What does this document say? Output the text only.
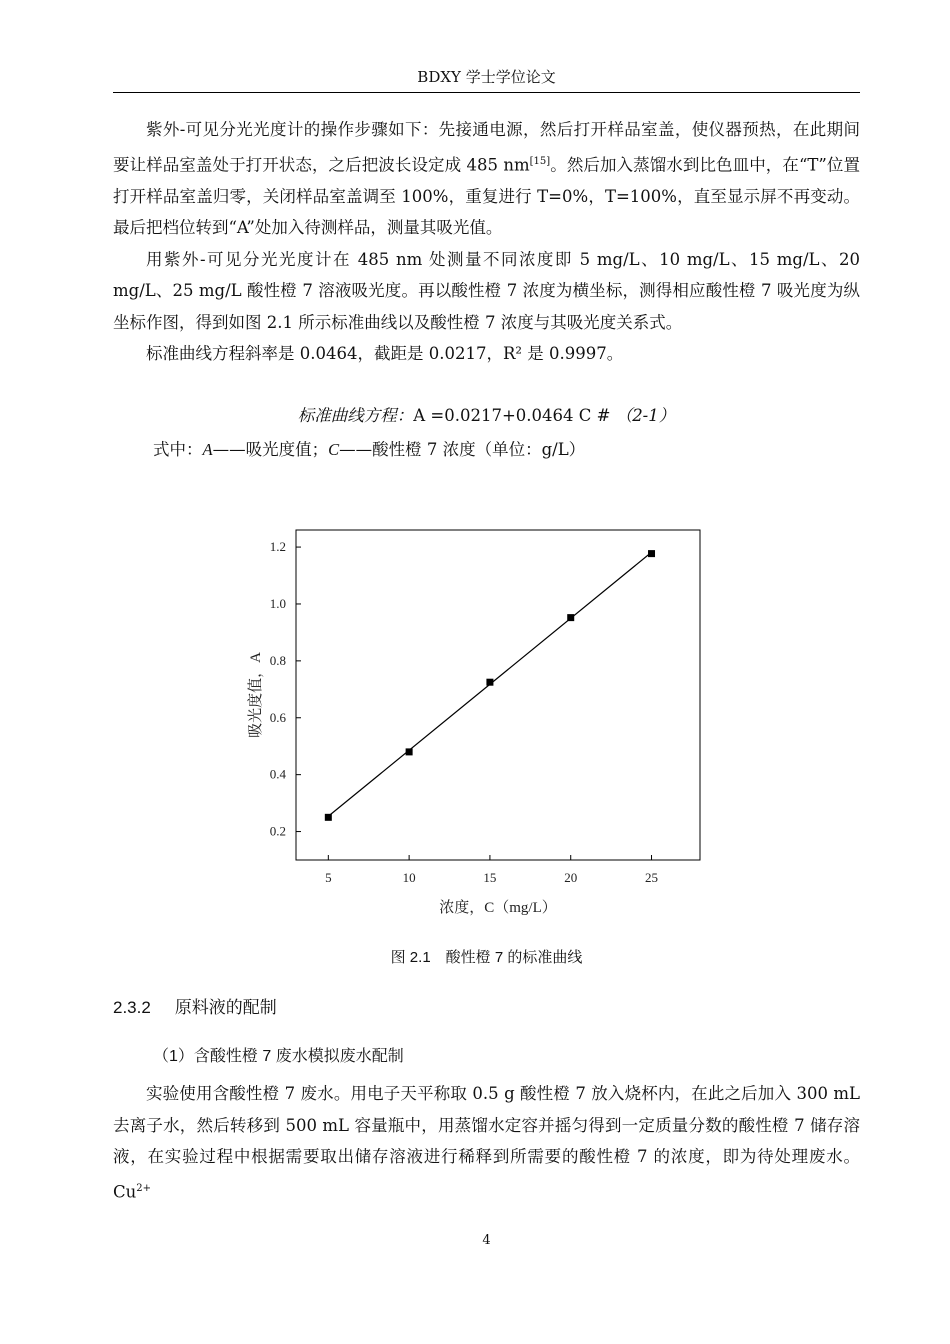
BDXY 学士学位论文

紫外-可见分光光度计的操作步骤如下：先接通电源，然后打开样品室盖，使仪器预热，在此期间要让样品室盖处于打开状态，之后把波长设定成 485 nm[15]。然后加入蒸馏水到比色皿中，在“T”位置打开样品室盖归零，关闭样品室盖调至 100%，重复进行 T=0%，T=100%，直至显示屏不再变动。最后把档位转到“A”处加入待测样品，测量其吸光值。

用紫外-可见分光光度计在 485 nm 处测量不同浓度即 5 mg/L、10 mg/L、15 mg/L、20 mg/L、25 mg/L 酸性橙 7 溶液吸光度。再以酸性橙 7 浓度为横坐标，测得相应酸性橙 7 吸光度为纵坐标作图，得到如图 2.1 所示标准曲线以及酸性橙 7 浓度与其吸光度关系式。

标准曲线方程斜率是 0.0464，截距是 0.0217，R² 是 0.9997。

标准曲线方程：A =0.0217+0.0464 C # （2-1）
式中：A——吸光度值；C——酸性橙 7 浓度（单位：g/L）
5	10	15	20	25
0.2
0.4
0.6
0.8
1.0
1.2
浓度，C（mg/L）
吸光度值，A
图 2.1　酸性橙 7 的标准曲线
2.3.2 原料液的配制
（1）含酸性橙 7 废水模拟废水配制

实验使用含酸性橙 7 废水。用电子天平称取 0.5 g 酸性橙 7 放入烧杯内，在此之后加入 300 mL 去离子水，然后转移到 500 mL 容量瓶中，用蒸馏水定容并摇匀得到一定质量分数的酸性橙 7 储存溶液，在实验过程中根据需要取出储存溶液进行稀释到所需要的酸性橙 7 的浓度，即为待处理废水。$Cu^{2+}$

4
